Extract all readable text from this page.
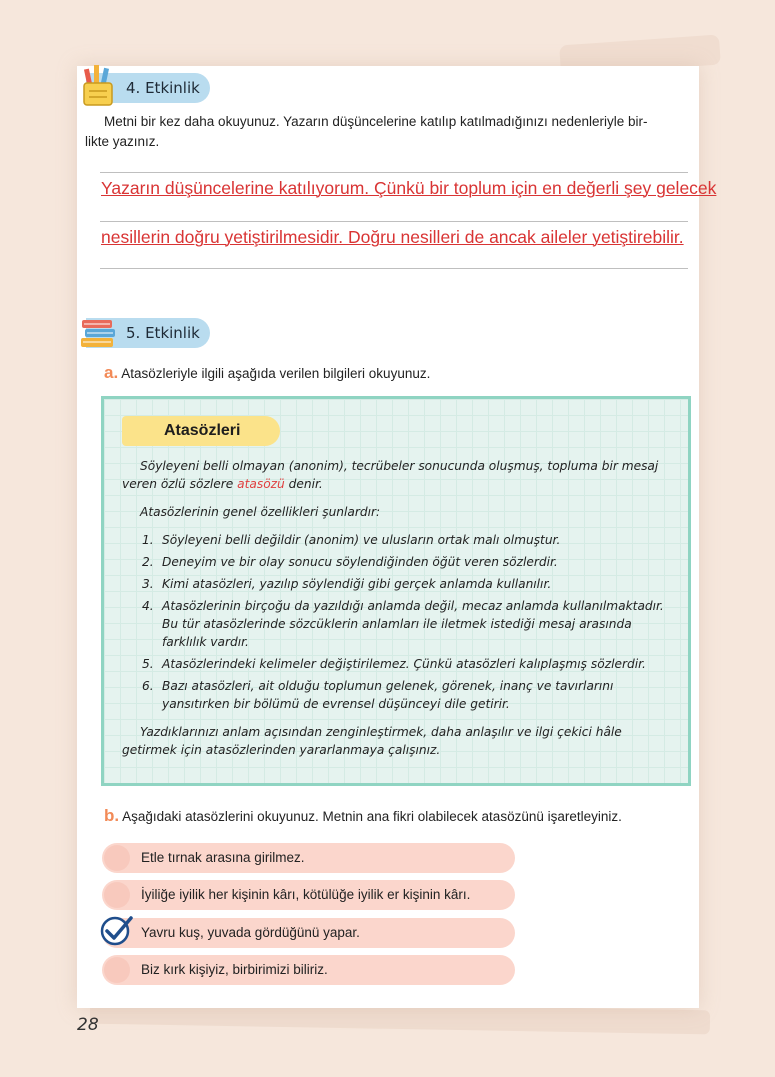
4. Etkinlik
Metni bir kez daha okuyunuz. Yazarın düşüncelerine katılıp katılmadığınızı nedenleriyle bir-
likte yazınız.
Yazarın düşüncelerine katılıyorum. Çünkü bir toplum için en değerli şey gelecek
nesillerin doğru yetiştirilmesidir. Doğru nesilleri de ancak aileler yetiştirebilir.
5. Etkinlik
a. Atasözleriyle ilgili aşağıda verilen bilgileri okuyunuz.
Atasözleri
Söyleyeni belli olmayan (anonim), tecrübeler sonucunda oluşmuş, topluma bir mesaj veren özlü sözlere atasözü denir.
Atasözlerinin genel özellikleri şunlardır:
1. Söyleyeni belli değildir (anonim) ve ulusların ortak malı olmuştur.
2. Deneyim ve bir olay sonucu söylendiğinden öğüt veren sözlerdir.
3. Kimi atasözleri, yazılıp söylendiği gibi gerçek anlamda kullanılır.
4. Atasözlerinin birçoğu da yazıldığı anlamda değil, mecaz anlamda kullanılmaktadır. Bu tür atasözlerinde sözcüklerin anlamları ile iletmek istediği mesaj arasında farklılık vardır.
5. Atasözlerindeki kelimeler değiştirilemez. Çünkü atasözleri kalıplaşmış sözlerdir.
6. Bazı atasözleri, ait olduğu toplumun gelenek, görenek, inanç ve tavırlarını yansıtırken bir bölümü de evrensel düşünceyi dile getirir.
Yazdıklarınızı anlam açısından zenginleştirmek, daha anlaşılır ve ilgi çekici hâle getirmek için atasözlerinden yararlanmaya çalışınız.
b. Aşağıdaki atasözlerini okuyunuz. Metnin ana fikri olabilecek atasözünü işaretleyiniz.
Etle tırnak arasına girilmez.
İyiliğe iyilik her kişinin kârı, kötülüğe iyilik er kişinin kârı.
Yavru kuş, yuvada gördüğünü yapar.
Biz kırk kişiyiz, birbirimizi biliriz.
28
